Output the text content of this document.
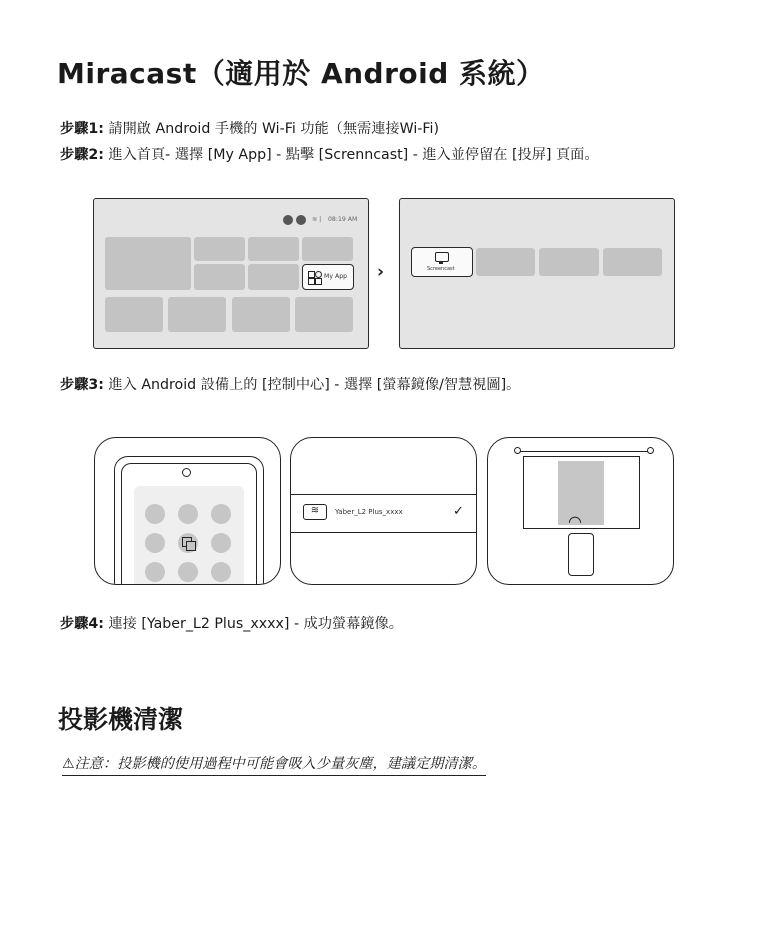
Miracast（適用於 Android 系統）
步驟1: 請開啟 Android 手機的 Wi-Fi 功能（無需連接Wi-Fi)
步驟2: 進入首頁- 選擇 [My App] - 點擊 [Screnncast] - 進入並停留在 [投屏] 頁面。
≋ | 08:19 AM
My App ›	Screencast
步驟3: 進入 Android 設備上的 [控制中心] - 選擇 [螢幕鏡像/智慧視圖]。
≋	Yaber_L2 Plus_xxxx	✓
◠
步驟4: 連接 [Yaber_L2 Plus_xxxx] - 成功螢幕鏡像。
投影機清潔
⚠注意：投影機的使用過程中可能會吸入少量灰塵，建議定期清潔。
